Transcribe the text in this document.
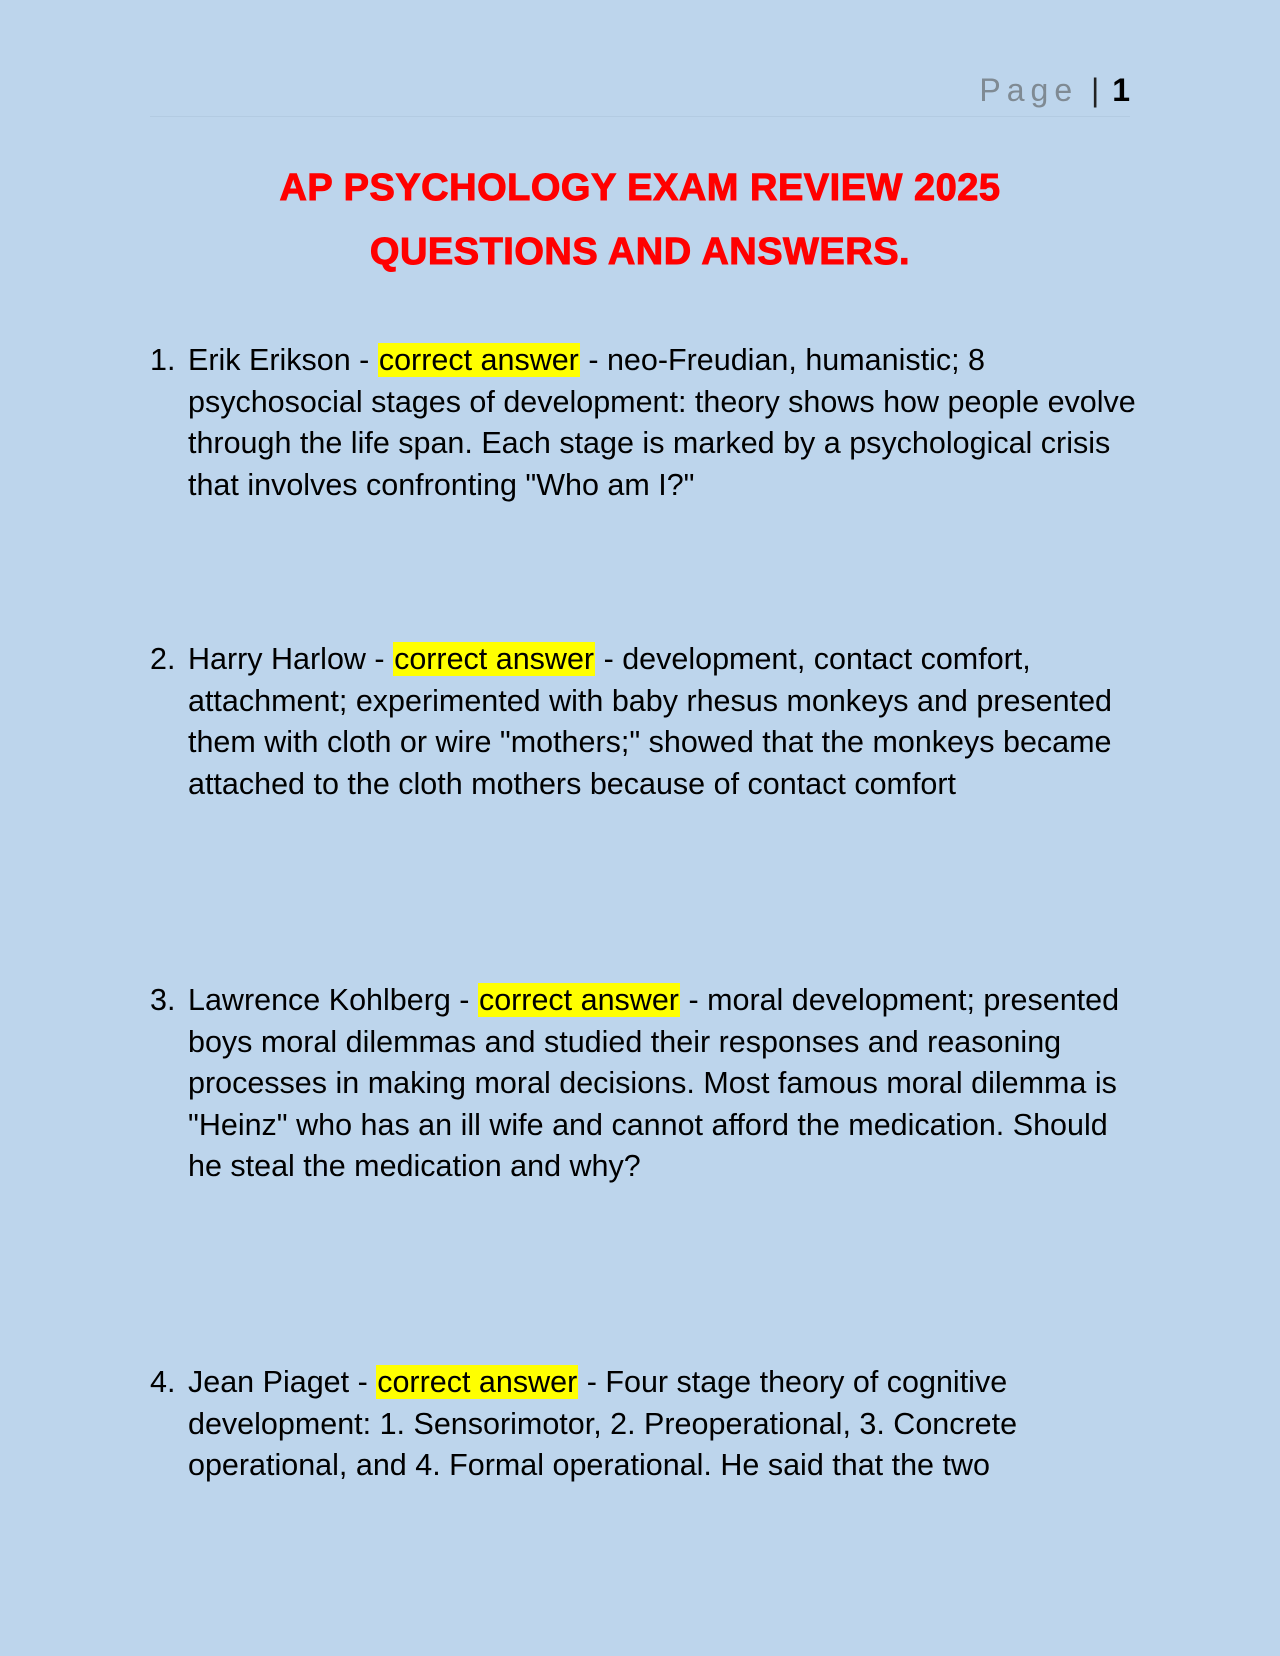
Page | 1
AP PSYCHOLOGY EXAM REVIEW 2025
QUESTIONS AND ANSWERS.

1. Erik Erikson - correct answer - neo-Freudian, humanistic; 8 psychosocial stages of development: theory shows how people evolve through the life span. Each stage is marked by a psychological crisis that involves confronting "Who am I?"

2. Harry Harlow - correct answer - development, contact comfort, attachment; experimented with baby rhesus monkeys and presented them with cloth or wire "mothers;" showed that the monkeys became attached to the cloth mothers because of contact comfort

3. Lawrence Kohlberg - correct answer - moral development; presented boys moral dilemmas and studied their responses and reasoning processes in making moral decisions. Most famous moral dilemma is "Heinz" who has an ill wife and cannot afford the medication. Should he steal the medication and why?

4. Jean Piaget - correct answer - Four stage theory of cognitive development: 1. Sensorimotor, 2. Preoperational, 3. Concrete operational, and 4. Formal operational. He said that the two
